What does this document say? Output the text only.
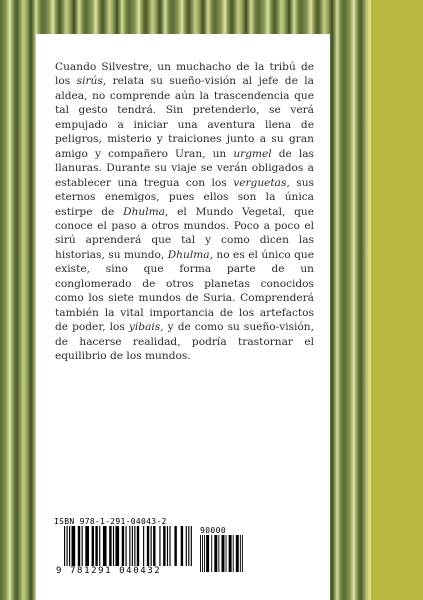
Cuando Silvestre, un muchacho de la tribú de los sirús, relata su sueño-visión al jefe de la aldea, no comprende aún la trascendencia que tal gesto tendrá. Sin pretenderlo, se verá empujado a iniciar una aventura llena de peligros, misterio y traiciones junto a su gran amigo y compañero Uran, un urgmel de las llanuras. Durante su viaje se verán obligados a establecer una tregua con los verguetas, sus eternos enemigos, pues ellos son la única estirpe de Dhulma, el Mundo Vegetal, que conoce el paso a otros mundos. Poco a poco el sirú aprenderá que tal y como dicen las historias, su mundo, Dhulma, no es el único que existe, sino que forma parte de un conglomerado de otros planetas conocidos como los siete mundos de Suria. Comprenderá también la vital importancia de los artefactos de poder, los yibais, y de como su sueño-visión, de hacerse realidad, podría trastornar el equilibrio de los mundos.

ISBN 978-1-291-04043-2
90000
9 781291 040432
